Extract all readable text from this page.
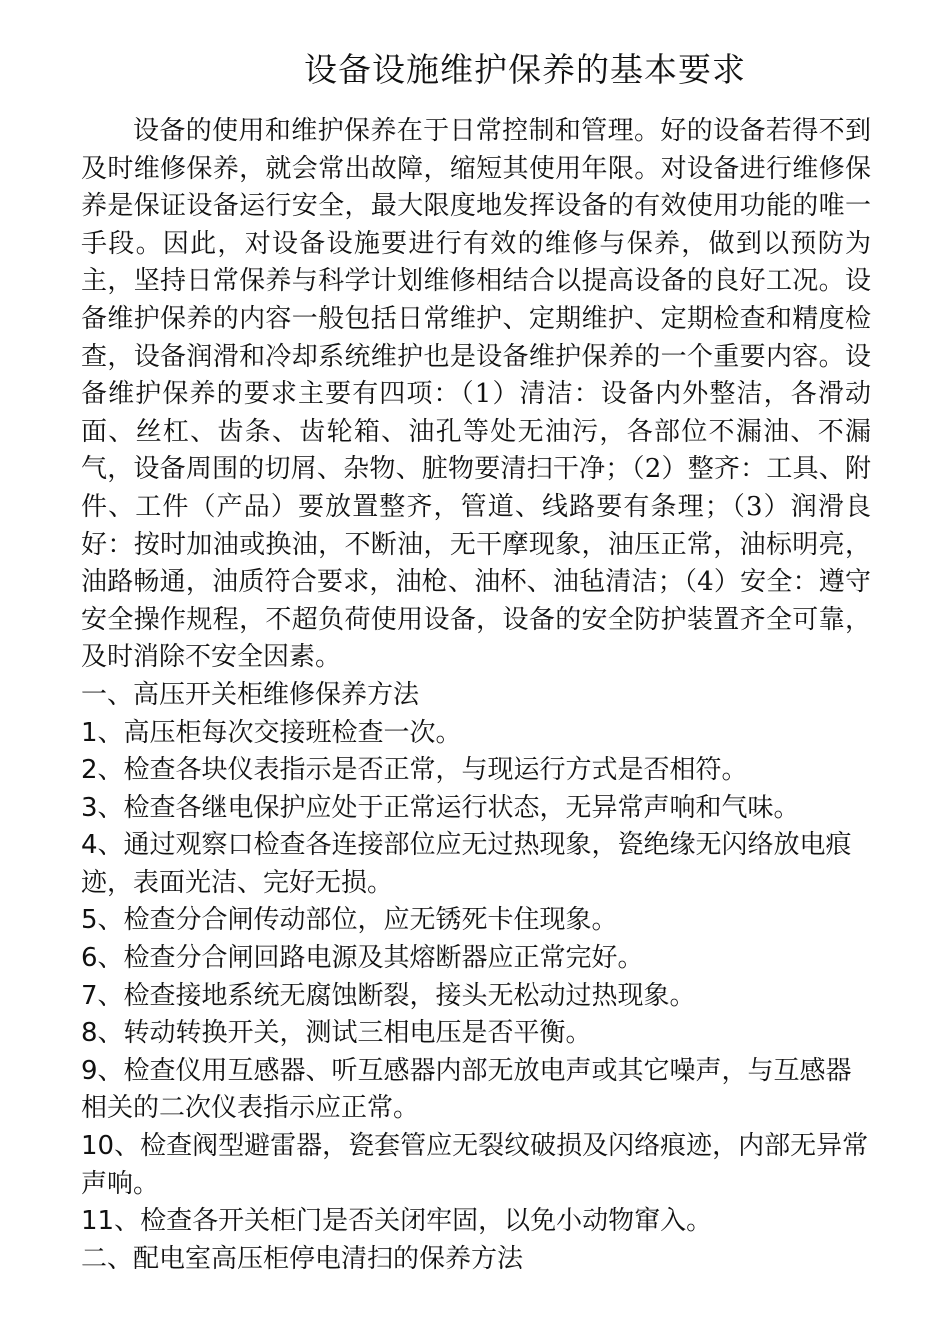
设备设施维护保养的基本要求

设备的使用和维护保养在于日常控制和管理。好的设备若得不到及时维修保养，就会常出故障，缩短其使用年限。对设备进行维修保养是保证设备运行安全，最大限度地发挥设备的有效使用功能的唯一手段。因此，对设备设施要进行有效的维修与保养，做到以预防为主，坚持日常保养与科学计划维修相结合以提高设备的良好工况。设备维护保养的内容一般包括日常维护、定期维护、定期检查和精度检查，设备润滑和冷却系统维护也是设备维护保养的一个重要内容。设备维护保养的要求主要有四项：（1）清洁：设备内外整洁，各滑动面、丝杠、齿条、齿轮箱、油孔等处无油污，各部位不漏油、不漏气，设备周围的切屑、杂物、脏物要清扫干净；（2）整齐：工具、附件、工件（产品）要放置整齐，管道、线路要有条理；（3）润滑良好：按时加油或换油，不断油，无干摩现象，油压正常，油标明亮，油路畅通，油质符合要求，油枪、油杯、油毡清洁；（4）安全：遵守安全操作规程，不超负荷使用设备，设备的安全防护装置齐全可靠，及时消除不安全因素。

一、高压开关柜维修保养方法

1、高压柜每次交接班检查一次。

2、检查各块仪表指示是否正常，与现运行方式是否相符。

3、检查各继电保护应处于正常运行状态，无异常声响和气味。

4、通过观察口检查各连接部位应无过热现象，瓷绝缘无闪络放电痕迹，表面光洁、完好无损。

5、检查分合闸传动部位，应无锈死卡住现象。

6、检查分合闸回路电源及其熔断器应正常完好。

7、检查接地系统无腐蚀断裂，接头无松动过热现象。

8、转动转换开关，测试三相电压是否平衡。

9、检查仪用互感器、听互感器内部无放电声或其它噪声，与互感器相关的二次仪表指示应正常。

10、检查阀型避雷器，瓷套管应无裂纹破损及闪络痕迹，内部无异常声响。

11、检查各开关柜门是否关闭牢固，以免小动物窜入。

二、配电室高压柜停电清扫的保养方法
